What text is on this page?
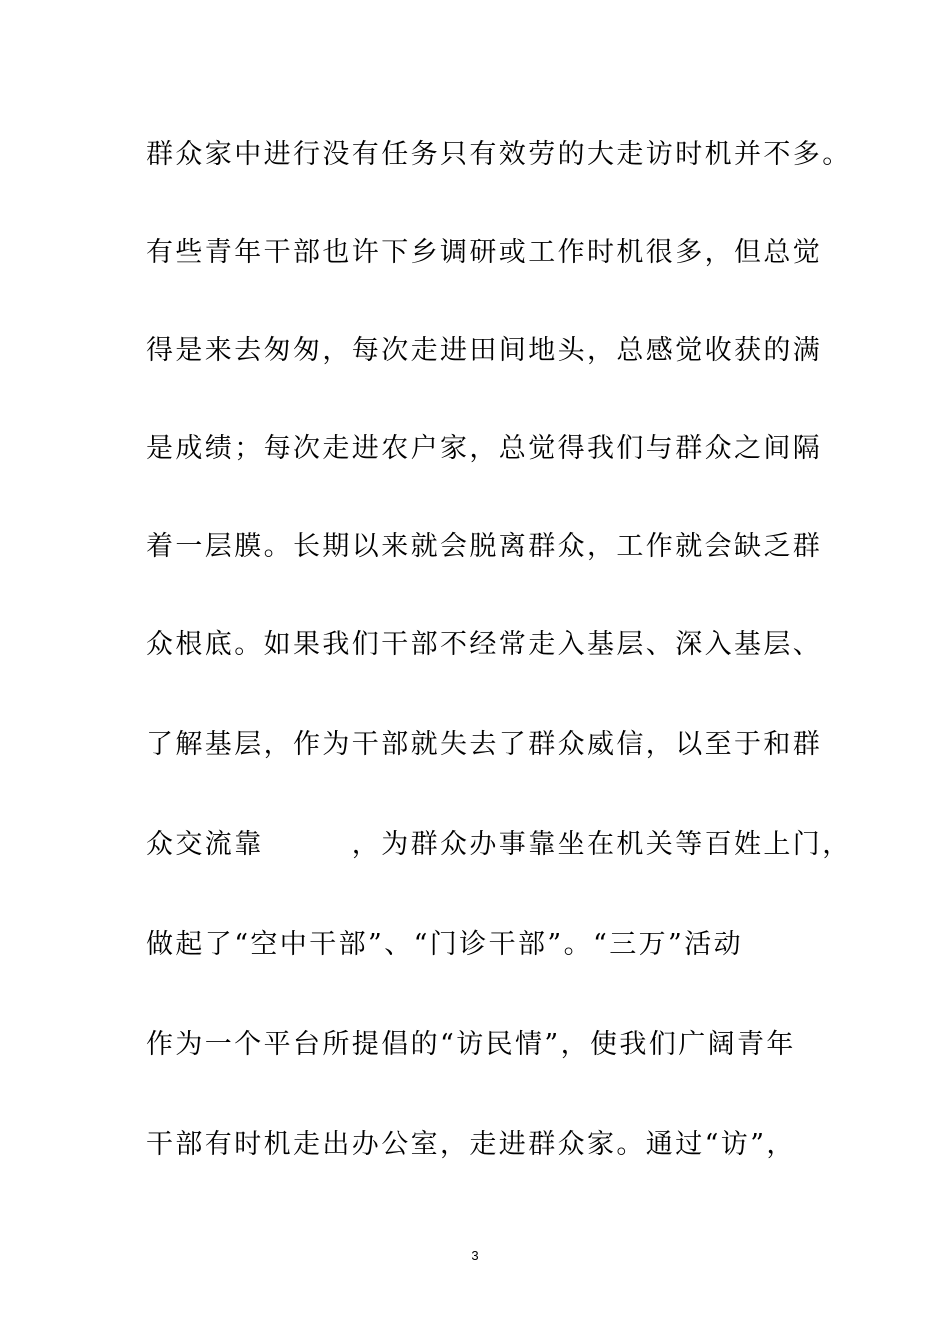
群众家中进行没有任务只有效劳的大走访时机并不多。
有些青年干部也许下乡调研或工作时机很多，但总觉
得是来去匆匆，每次走进田间地头，总感觉收获的满
是成绩；每次走进农户家，总觉得我们与群众之间隔
着一层膜。长期以来就会脱离群众，工作就会缺乏群
众根底。如果我们干部不经常走入基层、深入基层、
了解基层，作为干部就失去了群众威信，以至于和群
众交流靠　　　，为群众办事靠坐在机关等百姓上门，
做起了“空中干部”、“门诊干部”。“三万”活动
作为一个平台所提倡的“访民情”，使我们广阔青年
干部有时机走出办公室，走进群众家。通过“访”，
3
